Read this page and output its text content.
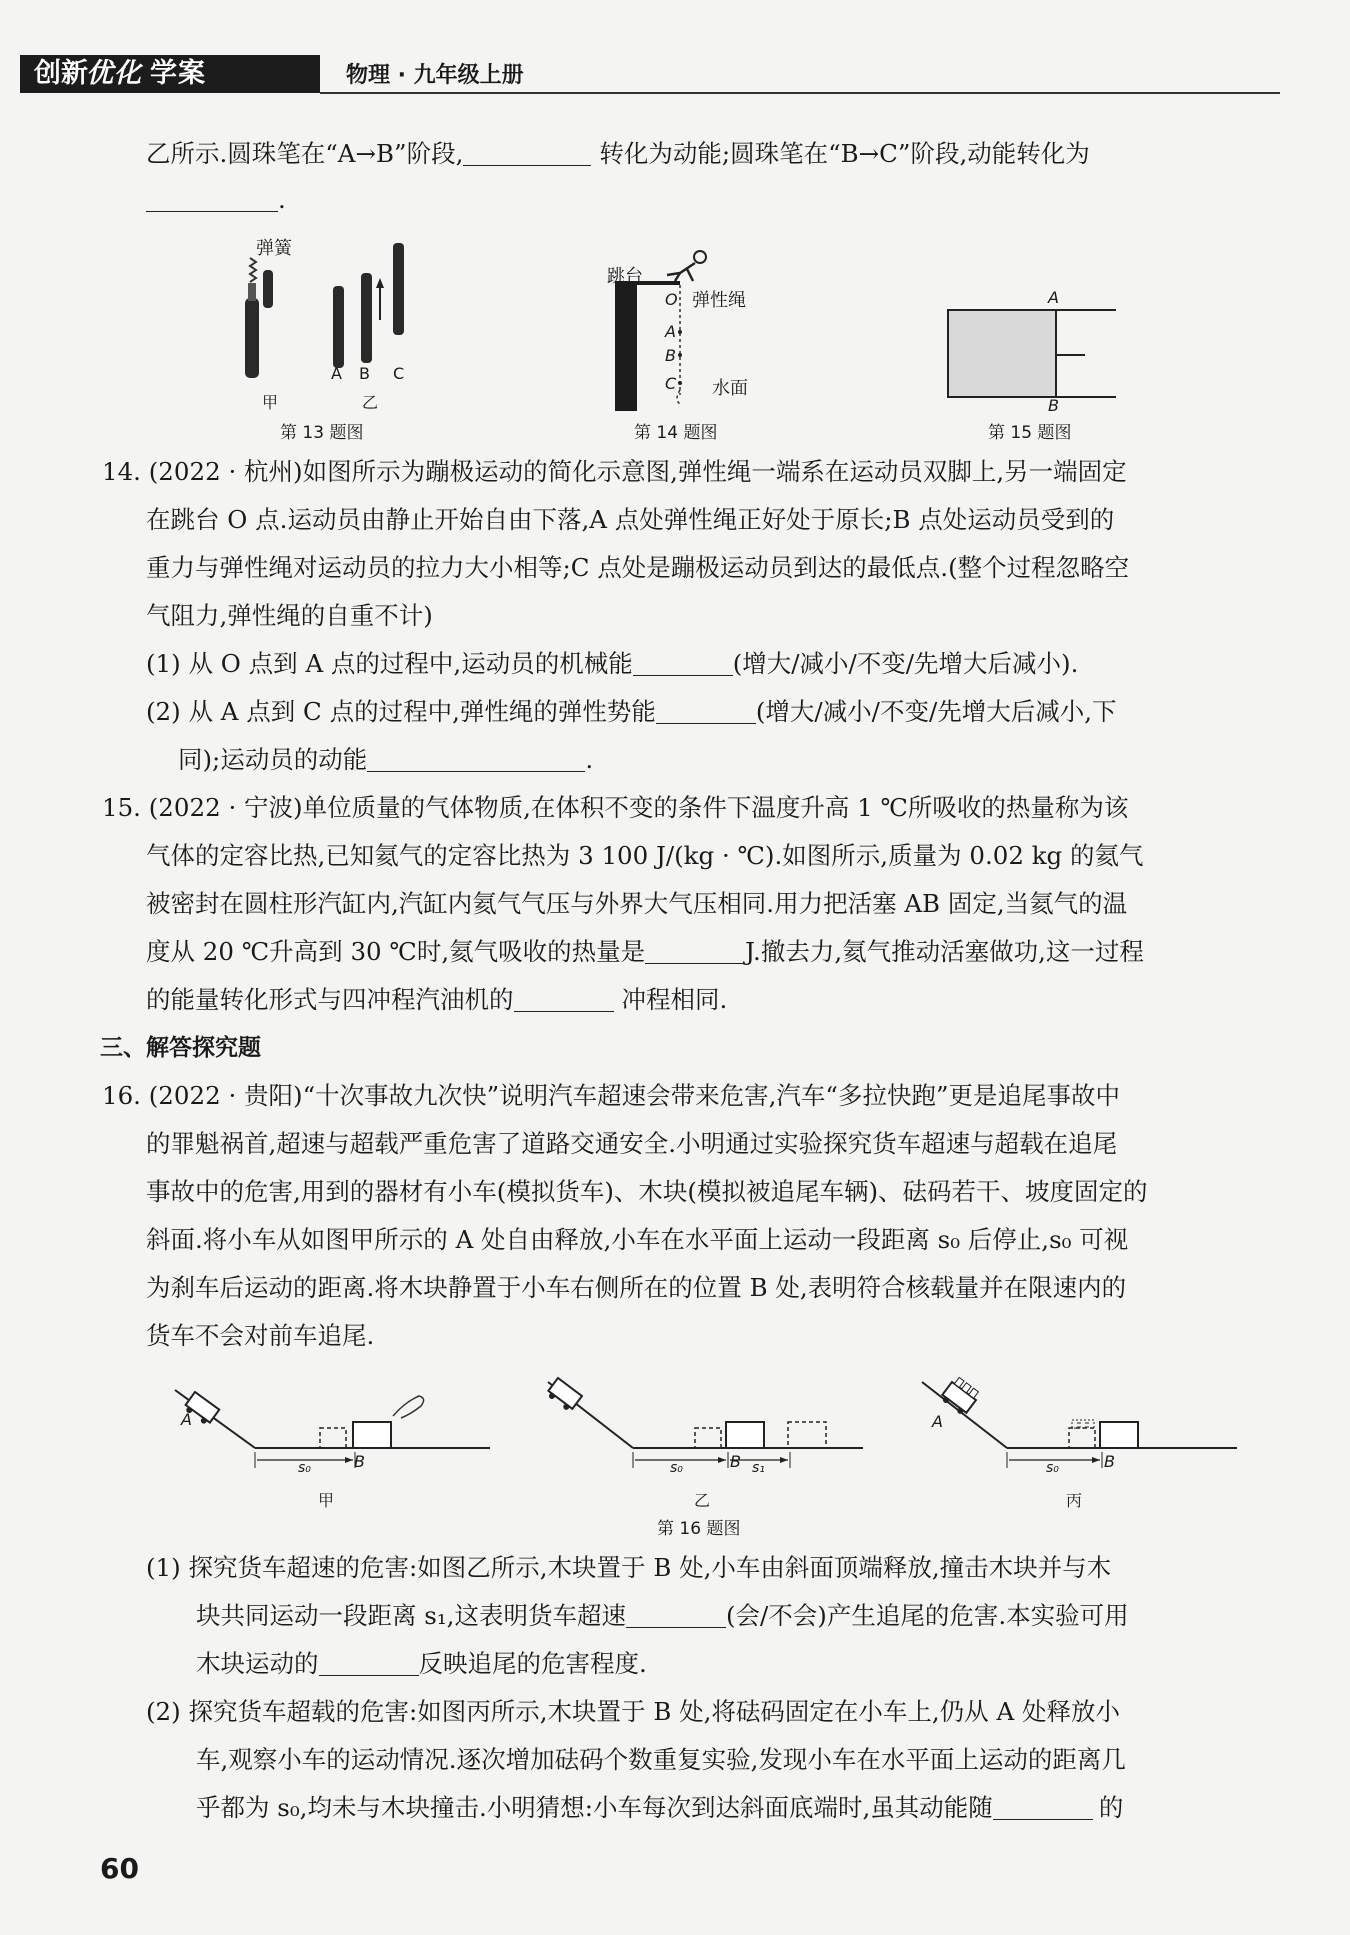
创新
优化 学案	物理 · 九年级上册
乙所示.圆珠笔在“A→B”阶段,	转化为动能;圆珠笔在“B→C”阶段,动能转化为
.
弹簧
A B C
甲	乙
第 13 题图
跳台
O 弹性绳
A
B
C 水面
第 14 题图
A
B
第 15 题图
14. (2022 · 杭州)如图所示为蹦极运动的简化示意图,弹性绳一端系在运动员双脚上,另一端固定
在跳台 O 点.运动员由静止开始自由下落,A 点处弹性绳正好处于原长;B 点处运动员受到的
重力与弹性绳对运动员的拉力大小相等;C 点处是蹦极运动员到达的最低点.(整个过程忽略空
气阻力,弹性绳的自重不计)
(1) 从 O 点到 A 点的过程中,运动员的机械能	(增大/减小/不变/先增大后减小).
(2) 从 A 点到 C 点的过程中,弹性绳的弹性势能	(增大/减小/不变/先增大后减小,下
同);运动员的动能	.
15. (2022 · 宁波)单位质量的气体物质,在体积不变的条件下温度升高 1 ℃所吸收的热量称为该
气体的定容比热,已知氦气的定容比热为 3 100 J/(kg · ℃).如图所示,质量为 0.02 kg 的氦气
被密封在圆柱形汽缸内,汽缸内氦气气压与外界大气压相同.用力把活塞 AB 固定,当氦气的温
度从 20 ℃升高到 30 ℃时,氦气吸收的热量是	J.撤去力,氦气推动活塞做功,这一过程
的能量转化形式与四冲程汽油机的	冲程相同.
三、解答探究题
16. (2022 · 贵阳)“十次事故九次快”说明汽车超速会带来危害,汽车“多拉快跑”更是追尾事故中
的罪魁祸首,超速与超载严重危害了道路交通安全.小明通过实验探究货车超速与超载在追尾
事故中的危害,用到的器材有小车(模拟货车)、木块(模拟被追尾车辆)、砝码若干、坡度固定的
斜面.将小车从如图甲所示的 A 处自由释放,小车在水平面上运动一段距离 s₀ 后停止,s₀ 可视
为刹车后运动的距离.将木块静置于小车右侧所在的位置 B 处,表明符合核载量并在限速内的
货车不会对前车追尾.
A
B
s₀
甲
B
s₀	s₁
乙
第 16 题图
A
B
s₀
丙
(1) 探究货车超速的危害:如图乙所示,木块置于 B 处,小车由斜面顶端释放,撞击木块并与木
块共同运动一段距离 s₁,这表明货车超速	(会/不会)产生追尾的危害.本实验可用
木块运动的	反映追尾的危害程度.
(2) 探究货车超载的危害:如图丙所示,木块置于 B 处,将砝码固定在小车上,仍从 A 处释放小
车,观察小车的运动情况.逐次增加砝码个数重复实验,发现小车在水平面上运动的距离几
乎都为 s₀,均未与木块撞击.小明猜想:小车每次到达斜面底端时,虽其动能随	的
60
